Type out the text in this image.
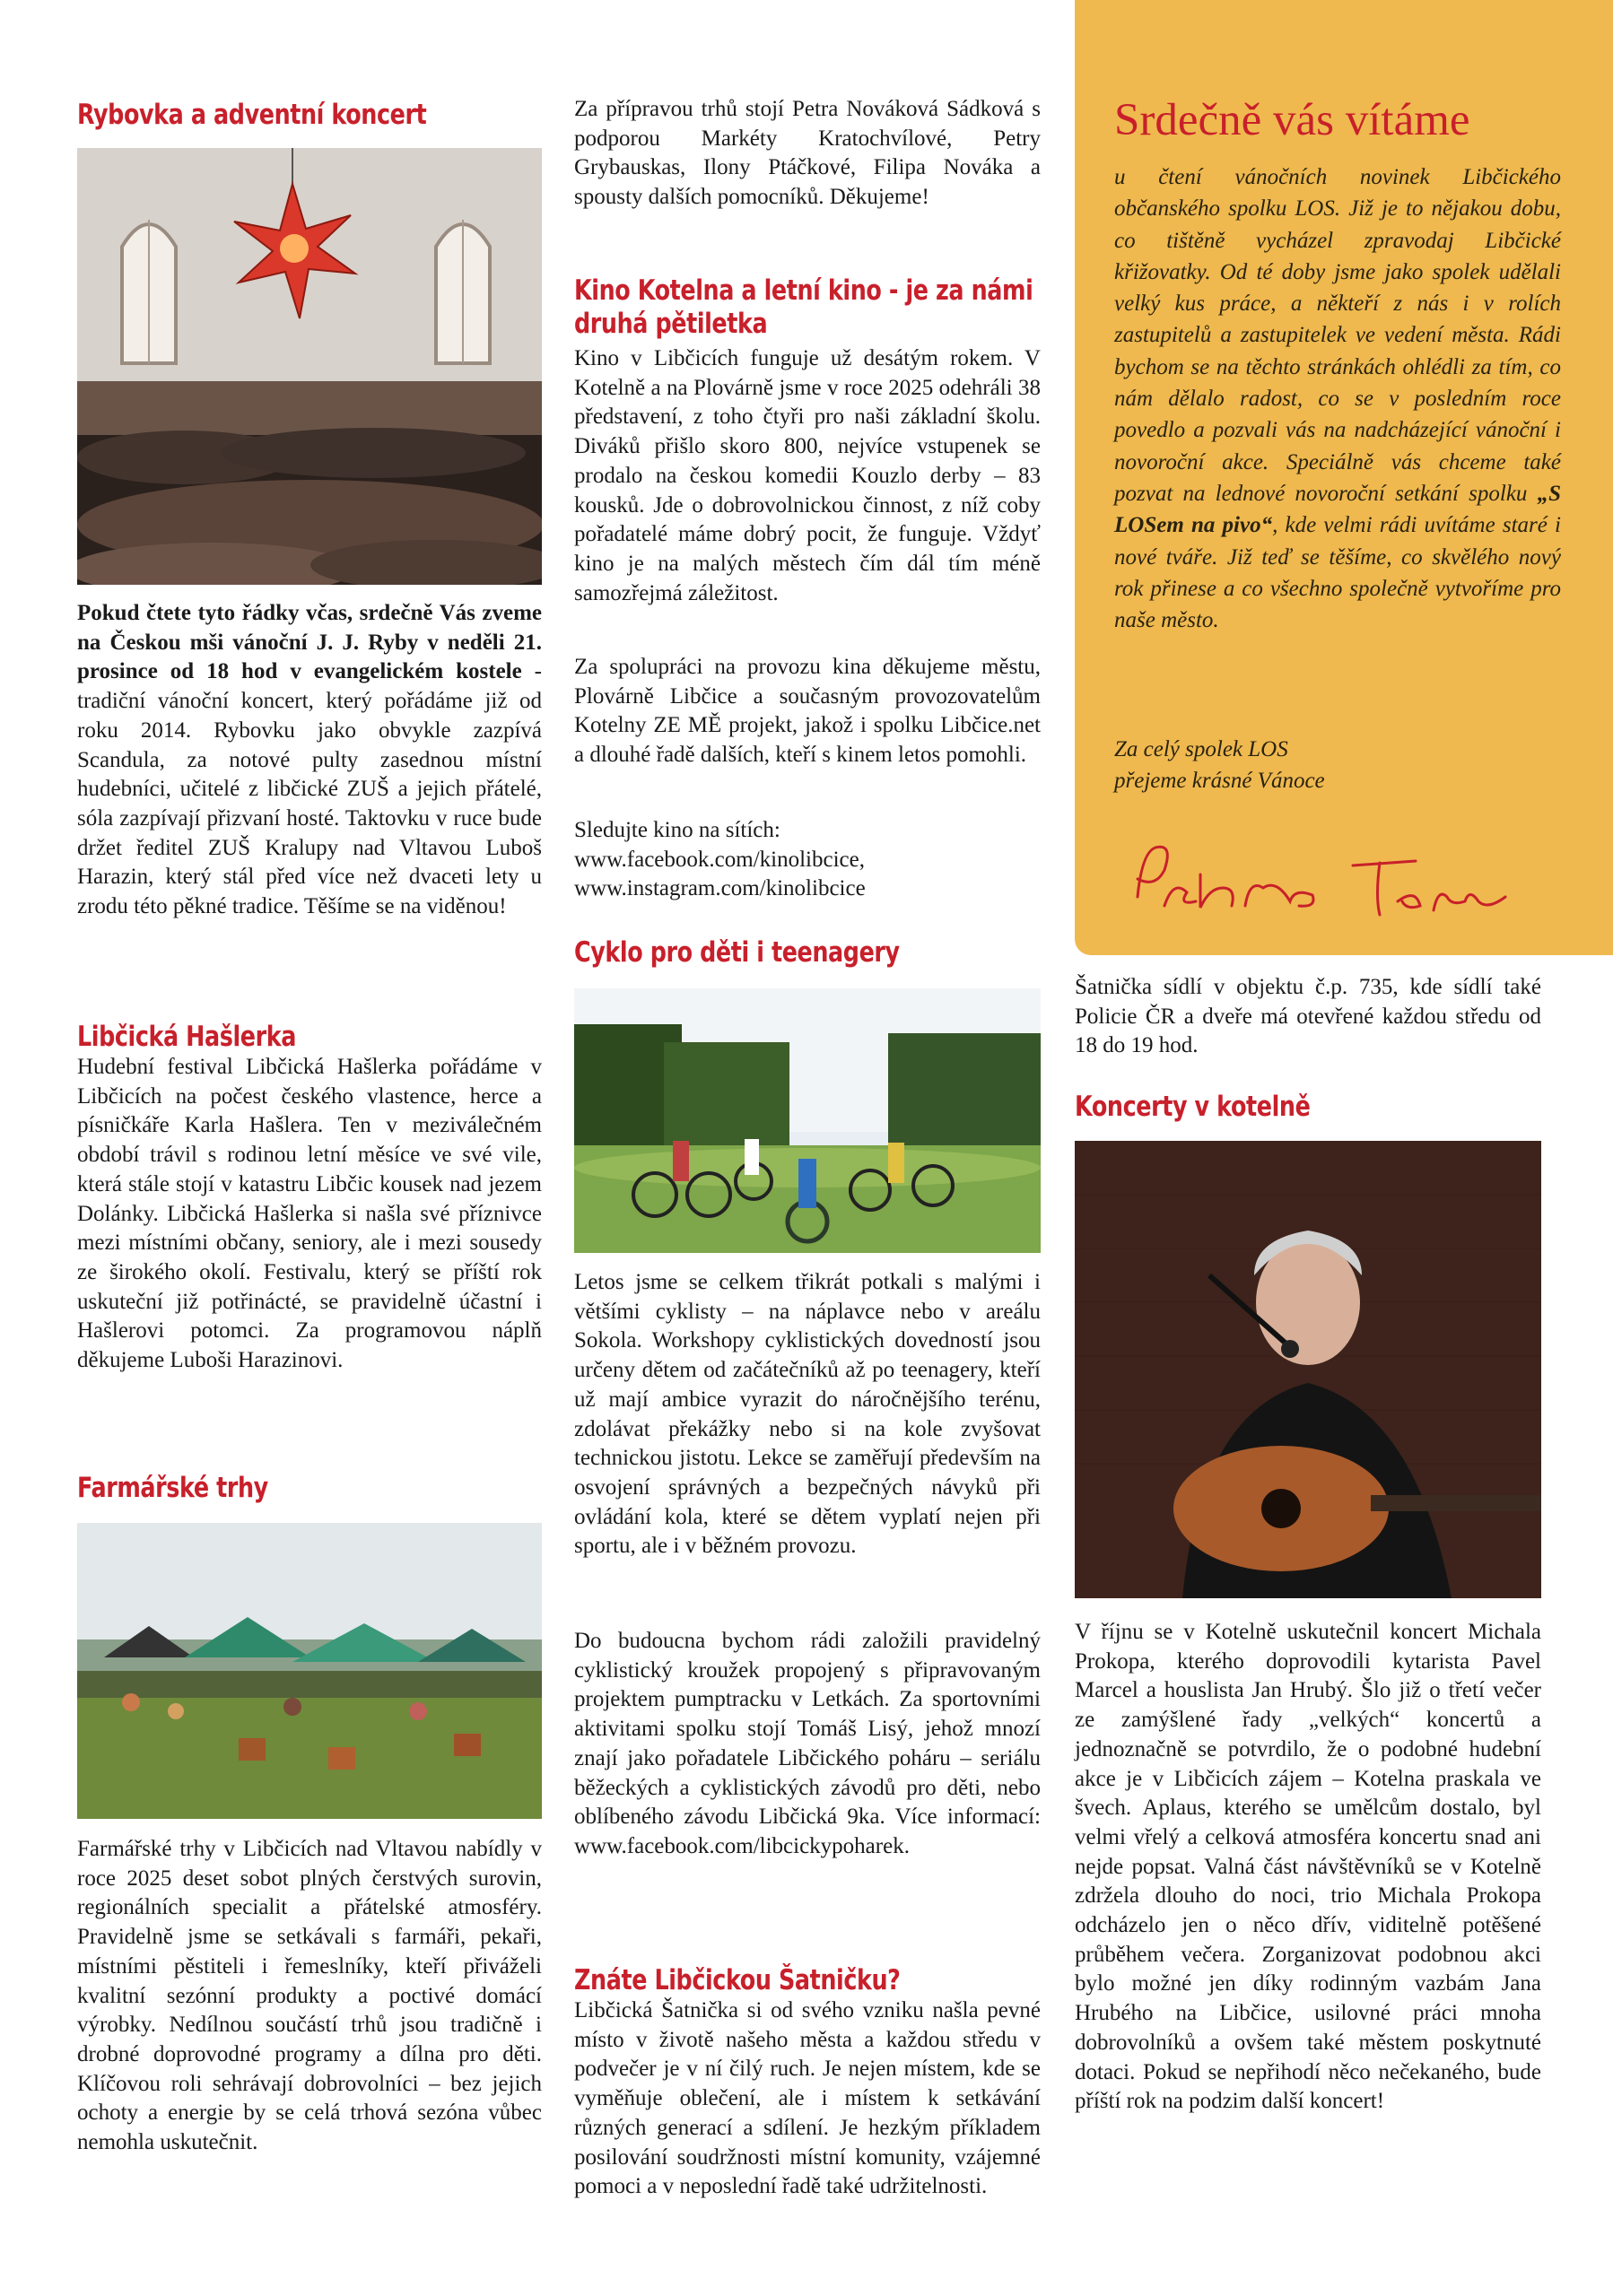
Rybovka a adventní koncert

Pokud čtete tyto řádky včas, srdečně Vás zveme na Českou mši vánoční J. J. Ryby v neděli 21. prosince od 18 hod v evangelickém kostele - tradiční vánoční koncert, který pořádáme již od roku 2014. Rybovku jako obvykle zazpívá Scandula, za notové pulty zasednou místní hudebníci, učitelé z libčické ZUŠ a jejich přátelé, sóla zazpívají přizvaní hosté. Taktovku v ruce bude držet ředitel ZUŠ Kralupy nad Vltavou Luboš Harazin, který stál před více než dvaceti lety u zrodu této pěkné tradice. Těšíme se na viděnou!

Libčická Hašlerka

Hudební festival Libčická Hašlerka pořádáme v Libčicích na počest českého vlastence, herce a písničkáře Karla Hašlera. Ten v meziválečném období trávil s rodinou letní měsíce ve své vile, která stále stojí v katastru Libčic kousek nad jezem Dolánky. Libčická Hašlerka si našla své příznivce mezi místními občany, seniory, ale i mezi sousedy ze širokého okolí. Festivalu, který se příští rok uskuteční již potřinácté, se pravidelně účastní i Hašlerovi potomci. Za programovou náplň děkujeme Luboši Harazinovi.

Farmářské trhy

Farmářské trhy v Libčicích nad Vltavou nabídly v roce 2025 deset sobot plných čerstvých surovin, regionálních specialit a přátelské atmosféry. Pravidelně jsme se setkávali s farmáři, pekaři, místními pěstiteli i řemeslníky, kteří přiváželi kvalitní sezónní produkty a poctivé domácí výrobky. Nedílnou součástí trhů jsou tradičně i drobné doprovodné programy a dílna pro děti. Klíčovou roli sehrávají dobrovolníci – bez jejich ochoty a energie by se celá trhová sezóna vůbec nemohla uskutečnit.

Za přípravou trhů stojí Petra Nováková Sádková s podporou Markéty Kratochvílové, Petry Grybauskas, Ilony Ptáčkové, Filipa Nováka a spousty dalších pomocníků. Děkujeme!

Kino Kotelna a letní kino - je za námi
druhá pětiletka

Kino v Libčicích funguje už desátým rokem. V Kotelně a na Plovárně jsme v roce 2025 odehráli 38 představení, z toho čtyři pro naši základní školu. Diváků přišlo skoro 800, nejvíce vstupenek se prodalo na českou komedii Kouzlo derby – 83 kousků. Jde o dobrovolnickou činnost, z níž coby pořadatelé máme dobrý pocit, že funguje. Vždyť kino je na malých městech čím dál tím méně samozřejmá záležitost.

Za spolupráci na provozu kina děkujeme městu, Plovárně Libčice a současným provozovatelům Kotelny ZE MĚ projekt, jakož i spolku Libčice.net a dlouhé řadě dalších, kteří s kinem letos pomohli.

Sledujte kino na sítích:
www.facebook.com/kinolibcice,
www.instagram.com/kinolibcice

Cyklo pro děti i teenagery

Letos jsme se celkem třikrát potkali s malými i většími cyklisty – na náplavce nebo v areálu Sokola. Workshopy cyklistických dovedností jsou určeny dětem od začátečníků až po teenagery, kteří už mají ambice vyrazit do náročnějšího terénu, zdolávat překážky nebo si na kole zvyšovat technickou jistotu. Lekce se zaměřují především na osvojení správných a bezpečných návyků při ovládání kola, které se dětem vyplatí nejen při sportu, ale i v běžném provozu.

Do budoucna bychom rádi založili pravidelný cyklistický kroužek propojený s připravovaným projektem pumptracku v Letkách. Za sportovními aktivitami spolku stojí Tomáš Lisý, jehož mnozí znají jako pořadatele Libčického poháru – seriálu běžeckých a cyklistických závodů pro děti, nebo oblíbeného závodu Libčická 9ka. Více informací: www.facebook.com/libcickypoharek.

Znáte Libčickou Šatničku?

Libčická Šatnička si od svého vzniku našla pevné místo v životě našeho města a každou středu v podvečer je v ní čilý ruch. Je nejen místem, kde se vyměňuje oblečení, ale i místem k setkávání různých generací a sdílení. Je hezkým příkladem posilování soudržnosti místní komunity, vzájemné pomoci a v neposlední řadě také udržitelnosti.

Srdečně vás vítáme

u čtení vánočních novinek Libčického občanského spolku LOS. Již je to nějakou dobu, co tištěně vycházel zpravodaj Libčické křižovatky. Od té doby jsme jako spolek udělali velký kus práce, a někteří z nás i v rolích zastupitelů a zastupitelek ve vedení města. Rádi bychom se na těchto stránkách ohlédli za tím, co nám dělalo radost, co se v posledním roce povedlo a pozvali vás na nadcházející vánoční i novoroční akce. Speciálně vás chceme také pozvat na lednové novoroční setkání spolku „S LOSem na pivo“, kde velmi rádi uvítáme staré i nové tváře. Již teď se těšíme, co skvělého nový rok přinese a co všechno společně vytvoříme pro naše město.

Za celý spolek LOS
přejeme krásné Vánoce

Šatnička sídlí v objektu č.p. 735, kde sídlí také Policie ČR a dveře má otevřené každou středu od 18 do 19 hod.

Koncerty v kotelně

V říjnu se v Kotelně uskutečnil koncert Michala Prokopa, kterého doprovodili kytarista Pavel Marcel a houslista Jan Hrubý. Šlo již o třetí večer ze zamýšlené řady „velkých“ koncertů a jednoznačně se potvrdilo, že o podobné hudební akce je v Libčicích zájem – Kotelna praskala ve švech. Aplaus, kterého se umělcům dostalo, byl velmi vřelý a celková atmosféra koncertu snad ani nejde popsat. Valná část návštěvníků se v Kotelně zdržela dlouho do noci, trio Michala Prokopa odcházelo jen o něco dřív, viditelně potěšené průběhem večera. Zorganizovat podobnou akci bylo možné jen díky rodinným vazbám Jana Hrubého na Libčice, usilovné práci mnoha dobrovolníků a ovšem také městem poskytnuté dotaci. Pokud se nepřihodí něco nečekaného, bude příští rok na podzim další koncert!
